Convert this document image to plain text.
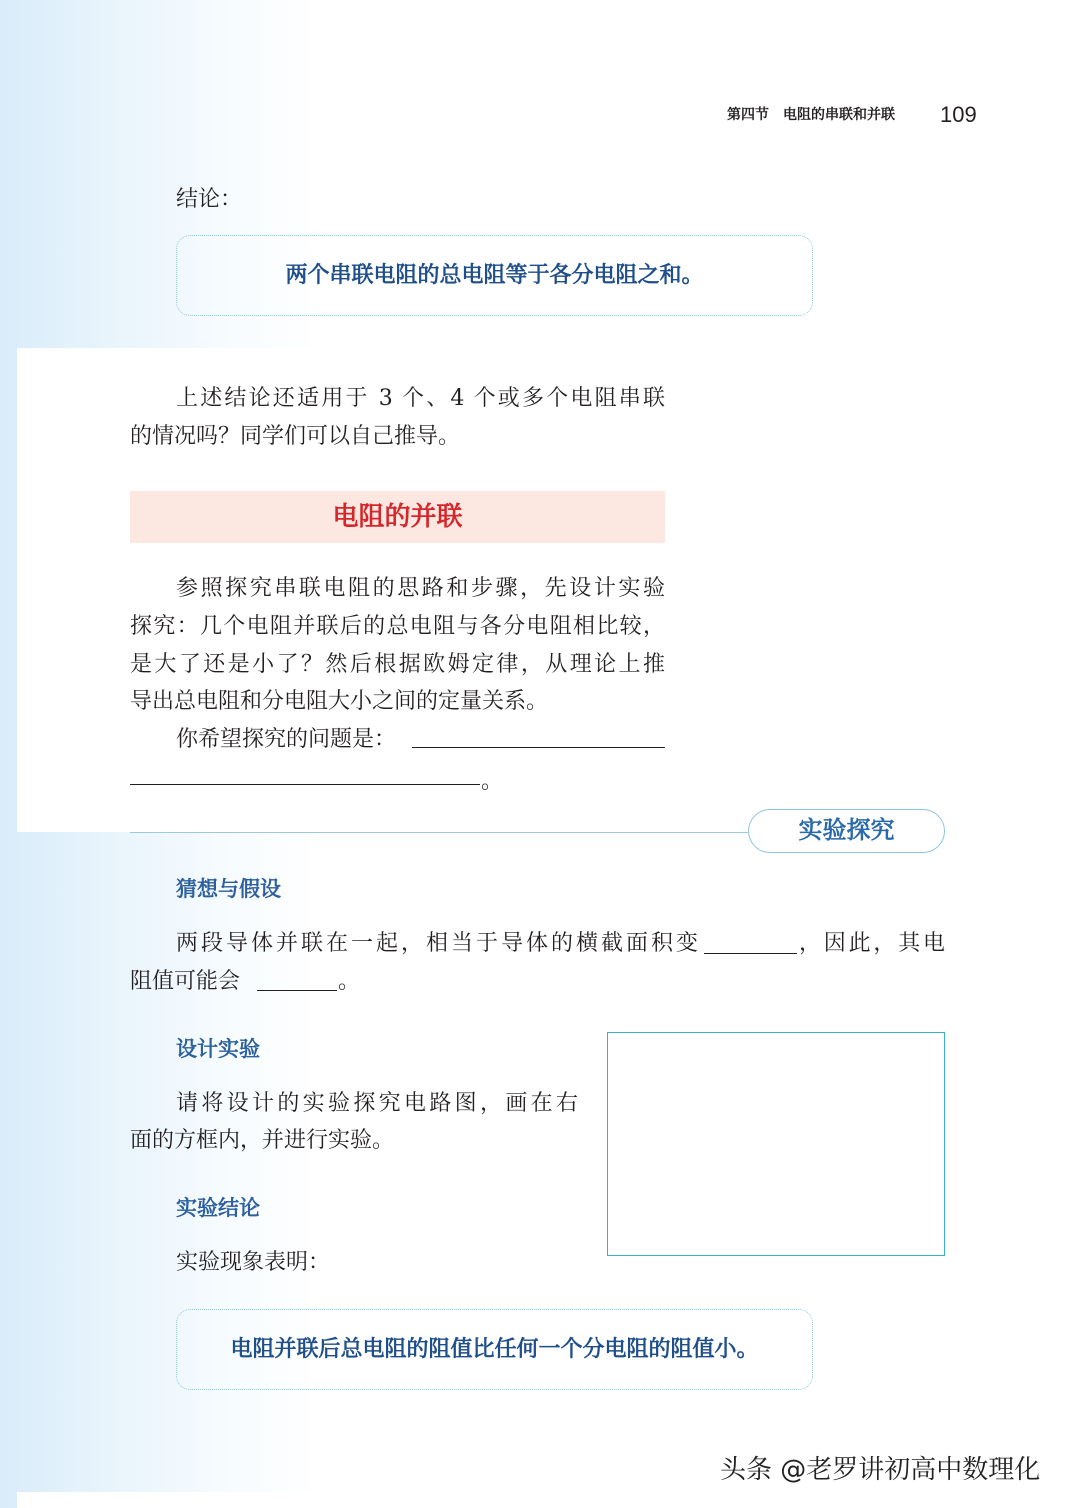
第四节　电阻的串联和并联 109
结论：
两个串联电阻的总电阻等于各分电阻之和。
上述结论还适用于 3 个、4 个或多个电阻串联
的情况吗？同学们可以自己推导。
电阻的并联
参照探究串联电阻的思路和步骤，先设计实验
探究：几个电阻并联后的总电阻与各分电阻相比较，
是大了还是小了？然后根据欧姆定律，从理论上推
导出总电阻和分电阻大小之间的定量关系。
你希望探究的问题是：
。
实验探究
猜想与假设
两段导体并联在一起，相当于导体的横截面积变	，因此，其电
阻值可能会	。
设计实验
请将设计的实验探究电路图，画在右
面的方框内，并进行实验。
实验结论
实验现象表明：
电阻并联后总电阻的阻值比任何一个分电阻的阻值小。
头条 @老罗讲初高中数理化
